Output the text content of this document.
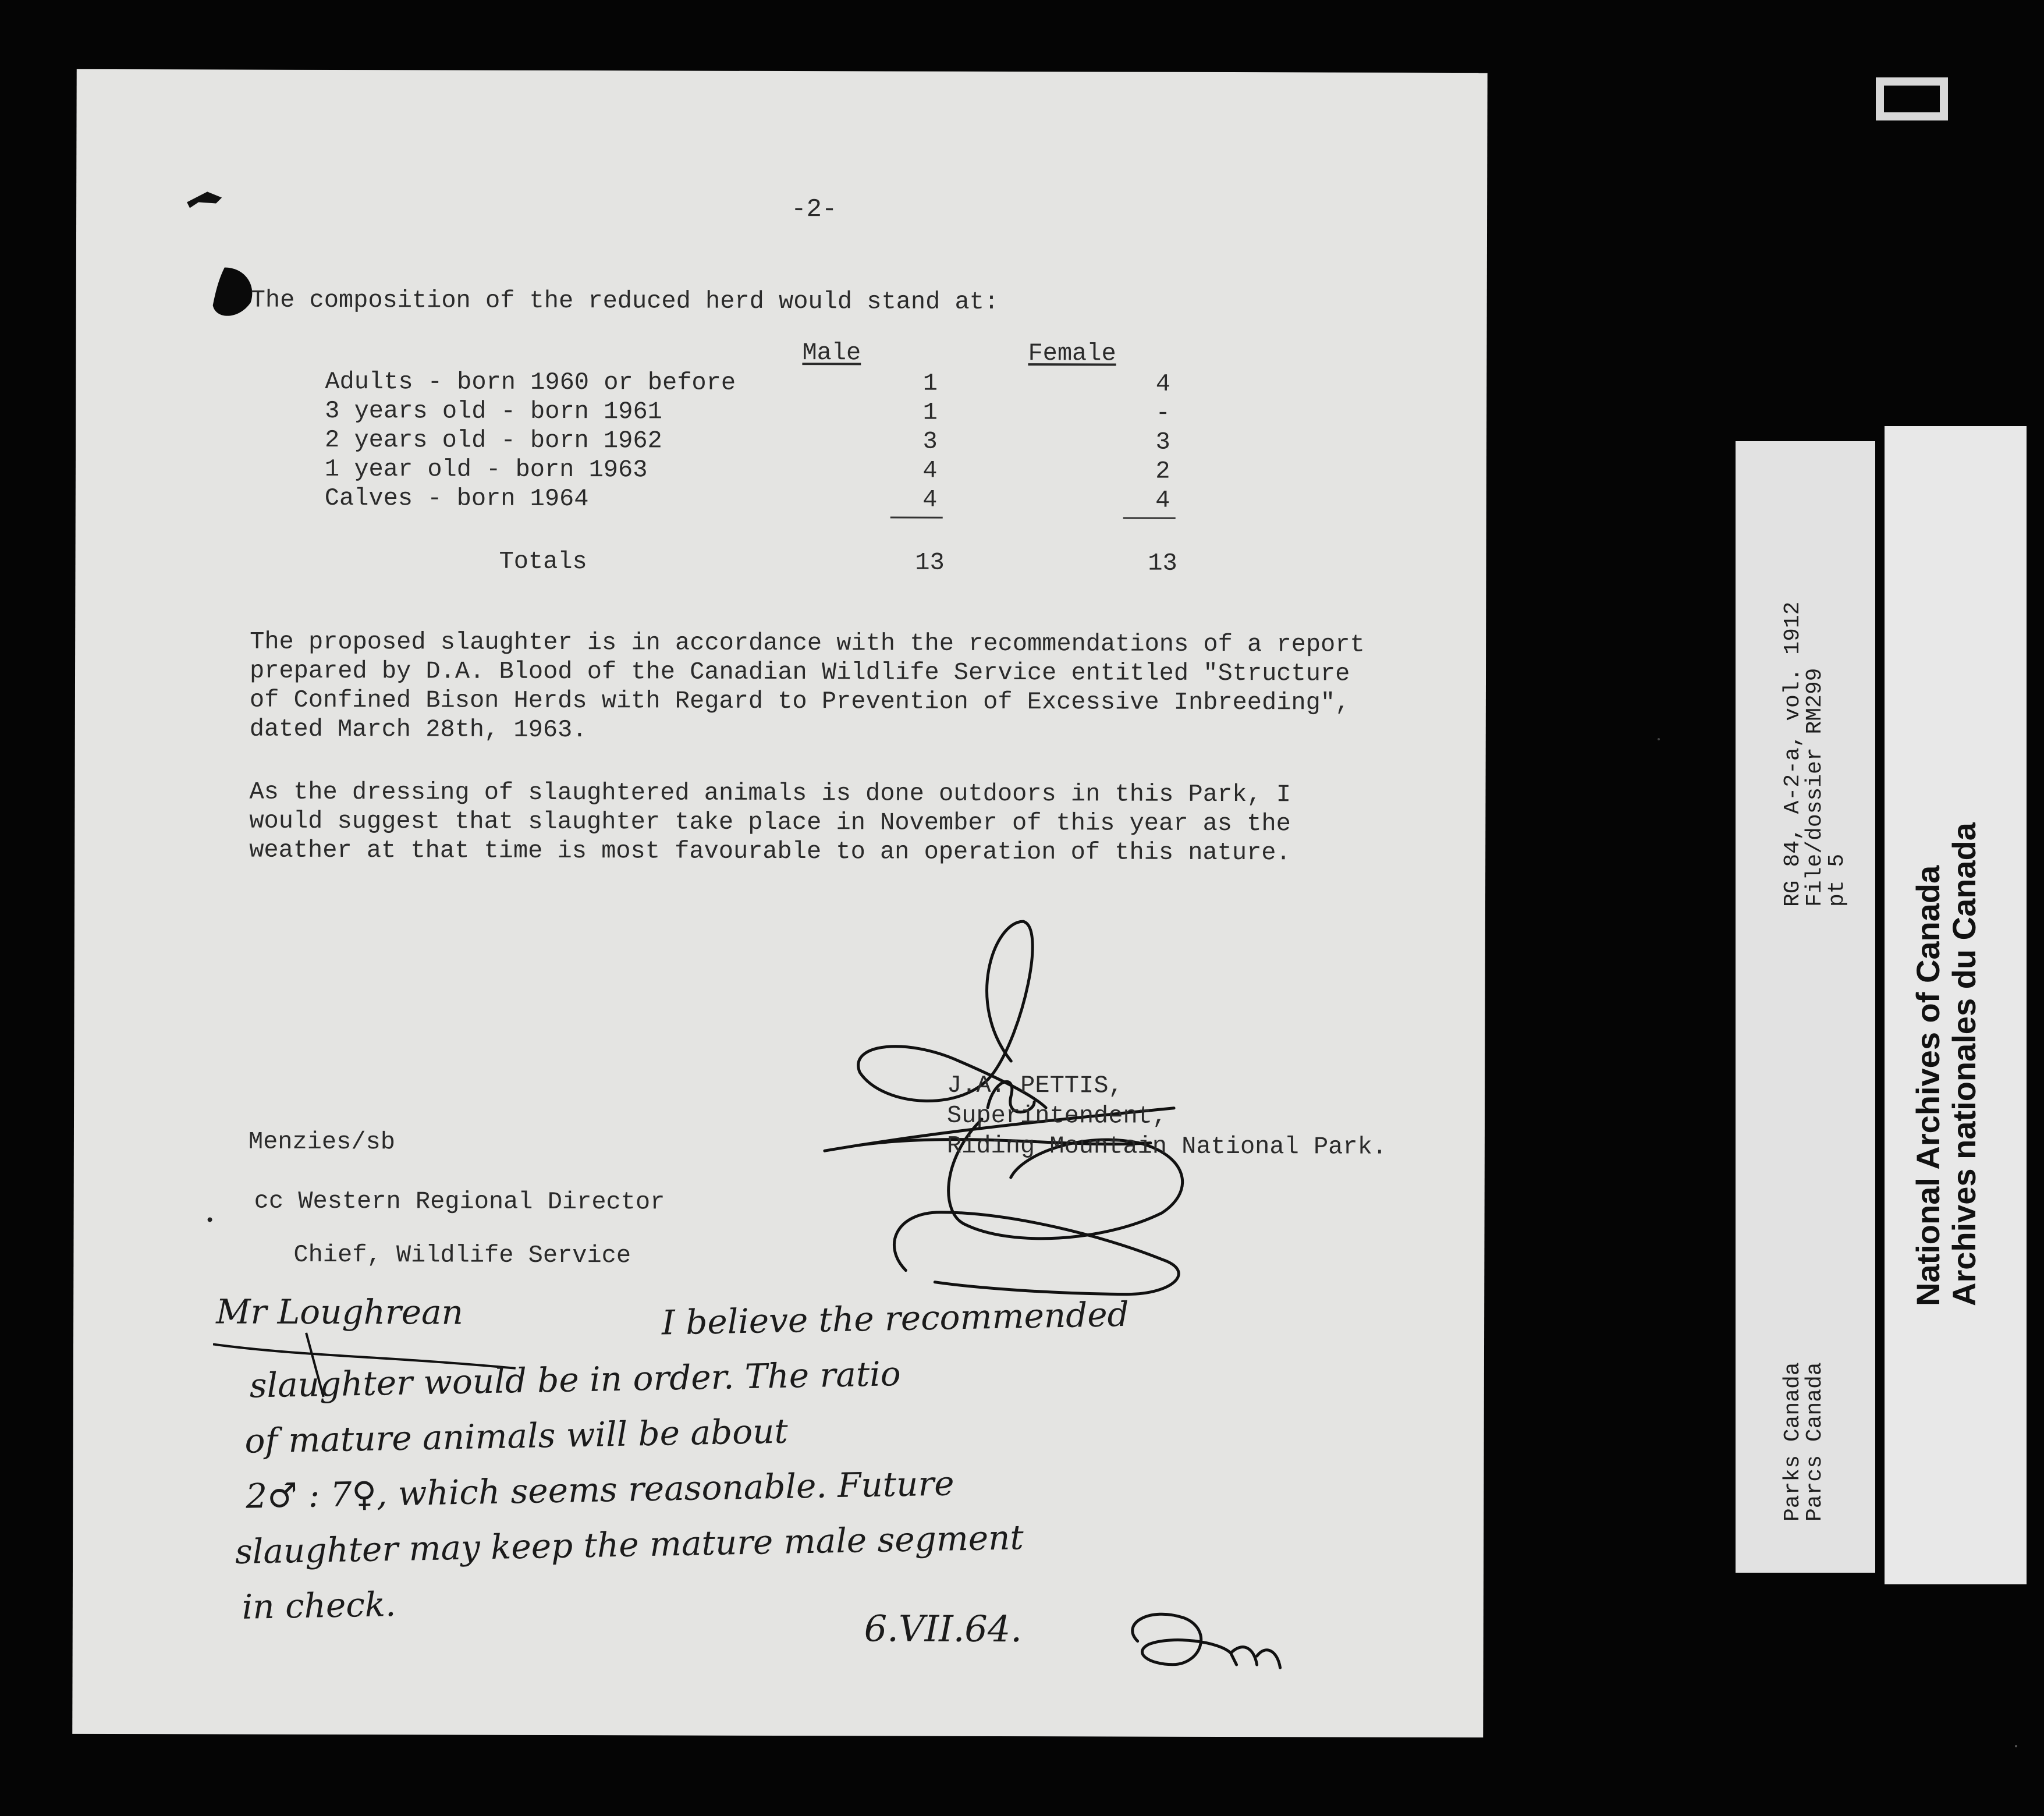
-2-
The composition of the reduced herd would stand at:
Male	Female
Adults - born 1960 or before	1	4
3 years old - born 1961	1	-
2 years old - born 1962	3	3
1 year old - born 1963	4	2
Calves - born 1964	4	4
Totals	13	13
The proposed slaughter is in accordance with the recommendations of a report
prepared by D.A. Blood of the Canadian Wildlife Service entitled "Structure
of Confined Bison Herds with Regard to Prevention of Excessive Inbreeding",
dated March 28th, 1963.
As the dressing of slaughtered animals is done outdoors in this Park, I
would suggest that slaughter take place in November of this year as the
weather at that time is most favourable to an operation of this nature.
J.A. PETTIS,
Superintendent,
Riding Mountain National Park.
Menzies/sb
cc Western Regional Director
Chief, Wildlife Service
Mr Loughrean	I believe the recommended
slaughter would be in order. The ratio
of mature animals will be about
2♂ : 7♀, which seems reasonable. Future
slaughter may keep the mature male segment
in check.
6.VII.64.
RG 84, A-2-a, vol. 1912
File/dossier RM299
pt 5
Parks Canada
Parcs Canada
National Archives of Canada
Archives nationales du Canada
